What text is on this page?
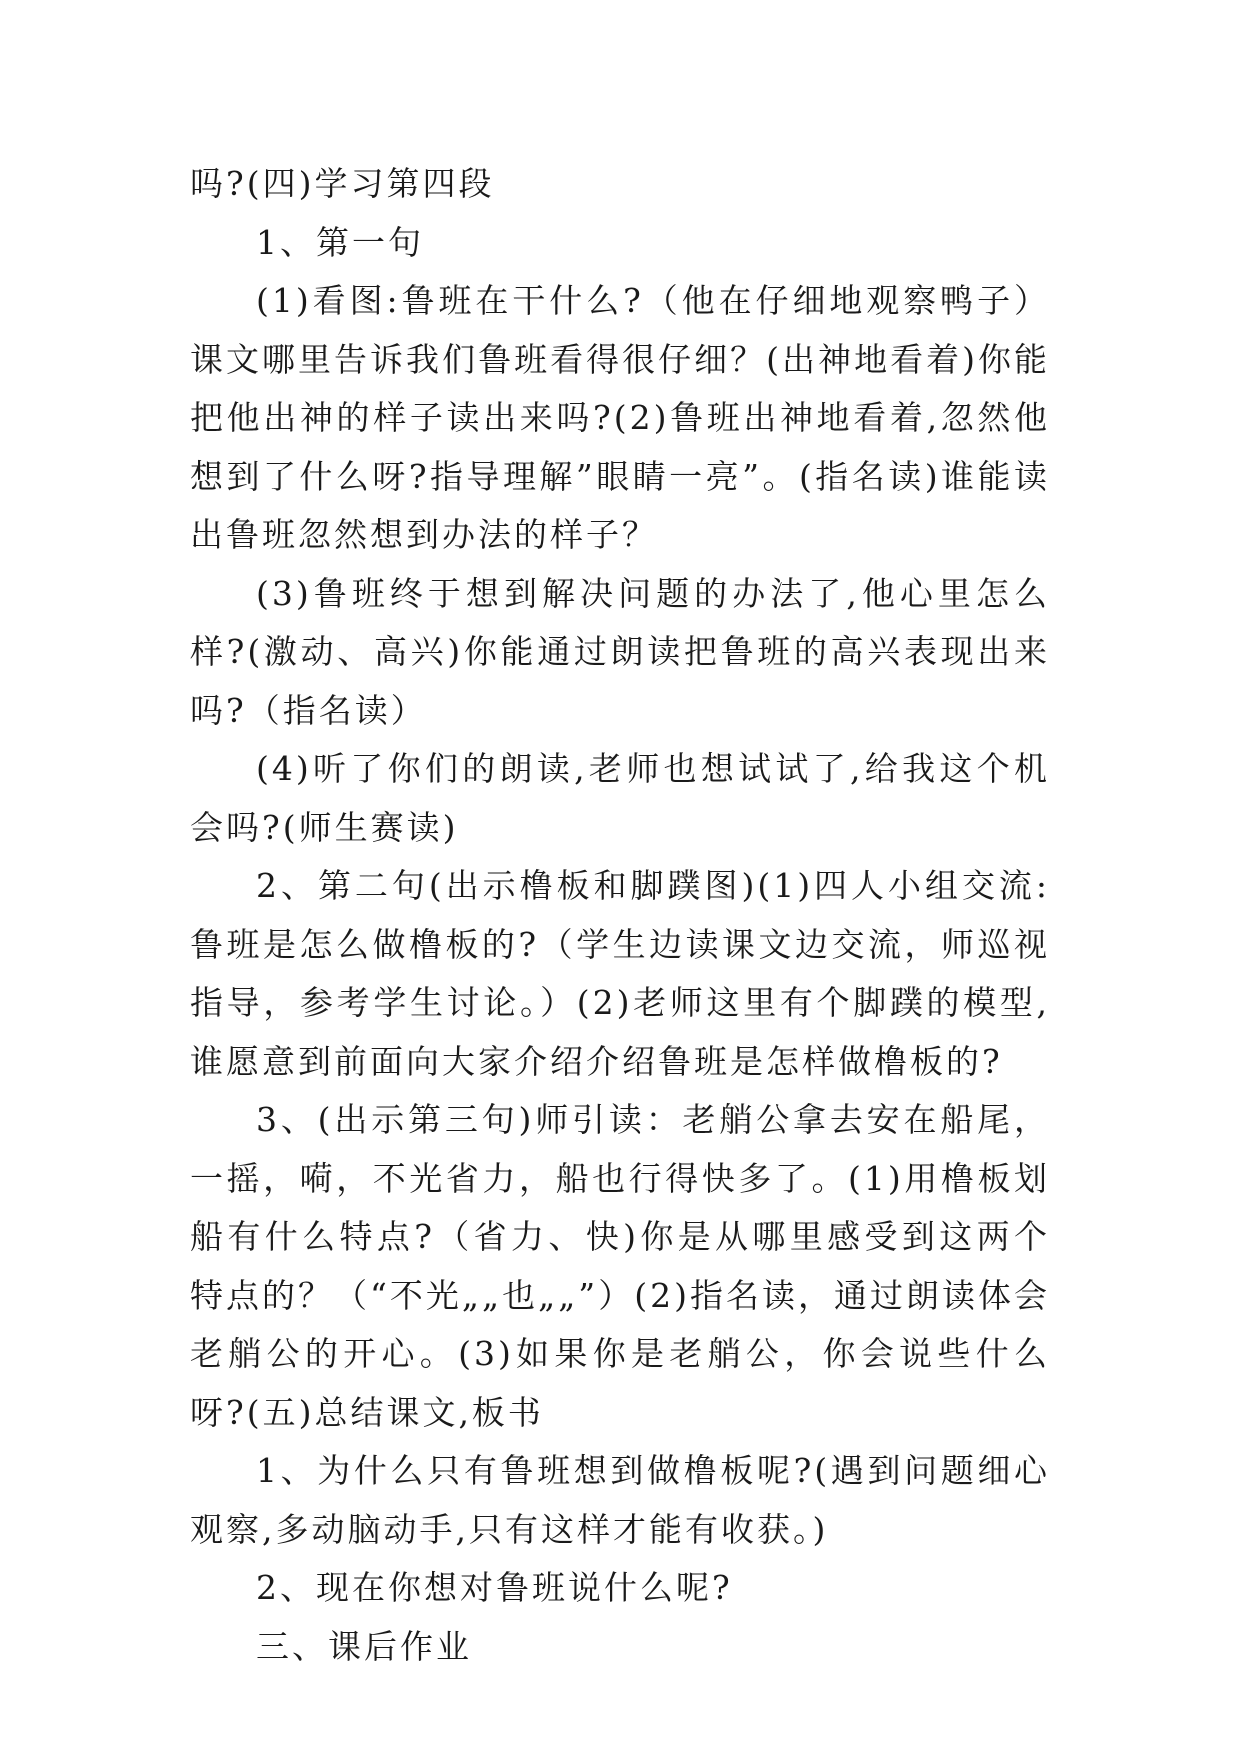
吗?(四)学习第四段

1、第一句

(1)看图:鲁班在干什么?（他在仔细地观察鸭子）课文哪里告诉我们鲁班看得很仔细？(出神地看着)你能把他出神的样子读出来吗?(2)鲁班出神地看着,忽然他想到了什么呀?指导理解”眼睛一亮”。(指名读)谁能读出鲁班忽然想到办法的样子？

(3)鲁班终于想到解决问题的办法了,他心里怎么样?(激动、高兴)你能通过朗读把鲁班的高兴表现出来吗?（指名读）

(4)听了你们的朗读,老师也想试试了,给我这个机会吗?(师生赛读)

2、第二句(出示橹板和脚蹼图)(1)四人小组交流:鲁班是怎么做橹板的?（学生边读课文边交流，师巡视指导，参考学生讨论。）(2)老师这里有个脚蹼的模型,谁愿意到前面向大家介绍介绍鲁班是怎样做橹板的?

3、(出示第三句)师引读：老艄公拿去安在船尾，一摇，嗬，不光省力，船也行得快多了。(1)用橹板划船有什么特点?（省力、快)你是从哪里感受到这两个特点的？（“不光„„也„„”）(2)指名读，通过朗读体会老艄公的开心。(3)如果你是老艄公，你会说些什么呀?(五)总结课文,板书

1、为什么只有鲁班想到做橹板呢?(遇到问题细心观察,多动脑动手,只有这样才能有收获。)

2、现在你想对鲁班说什么呢?

三、课后作业
